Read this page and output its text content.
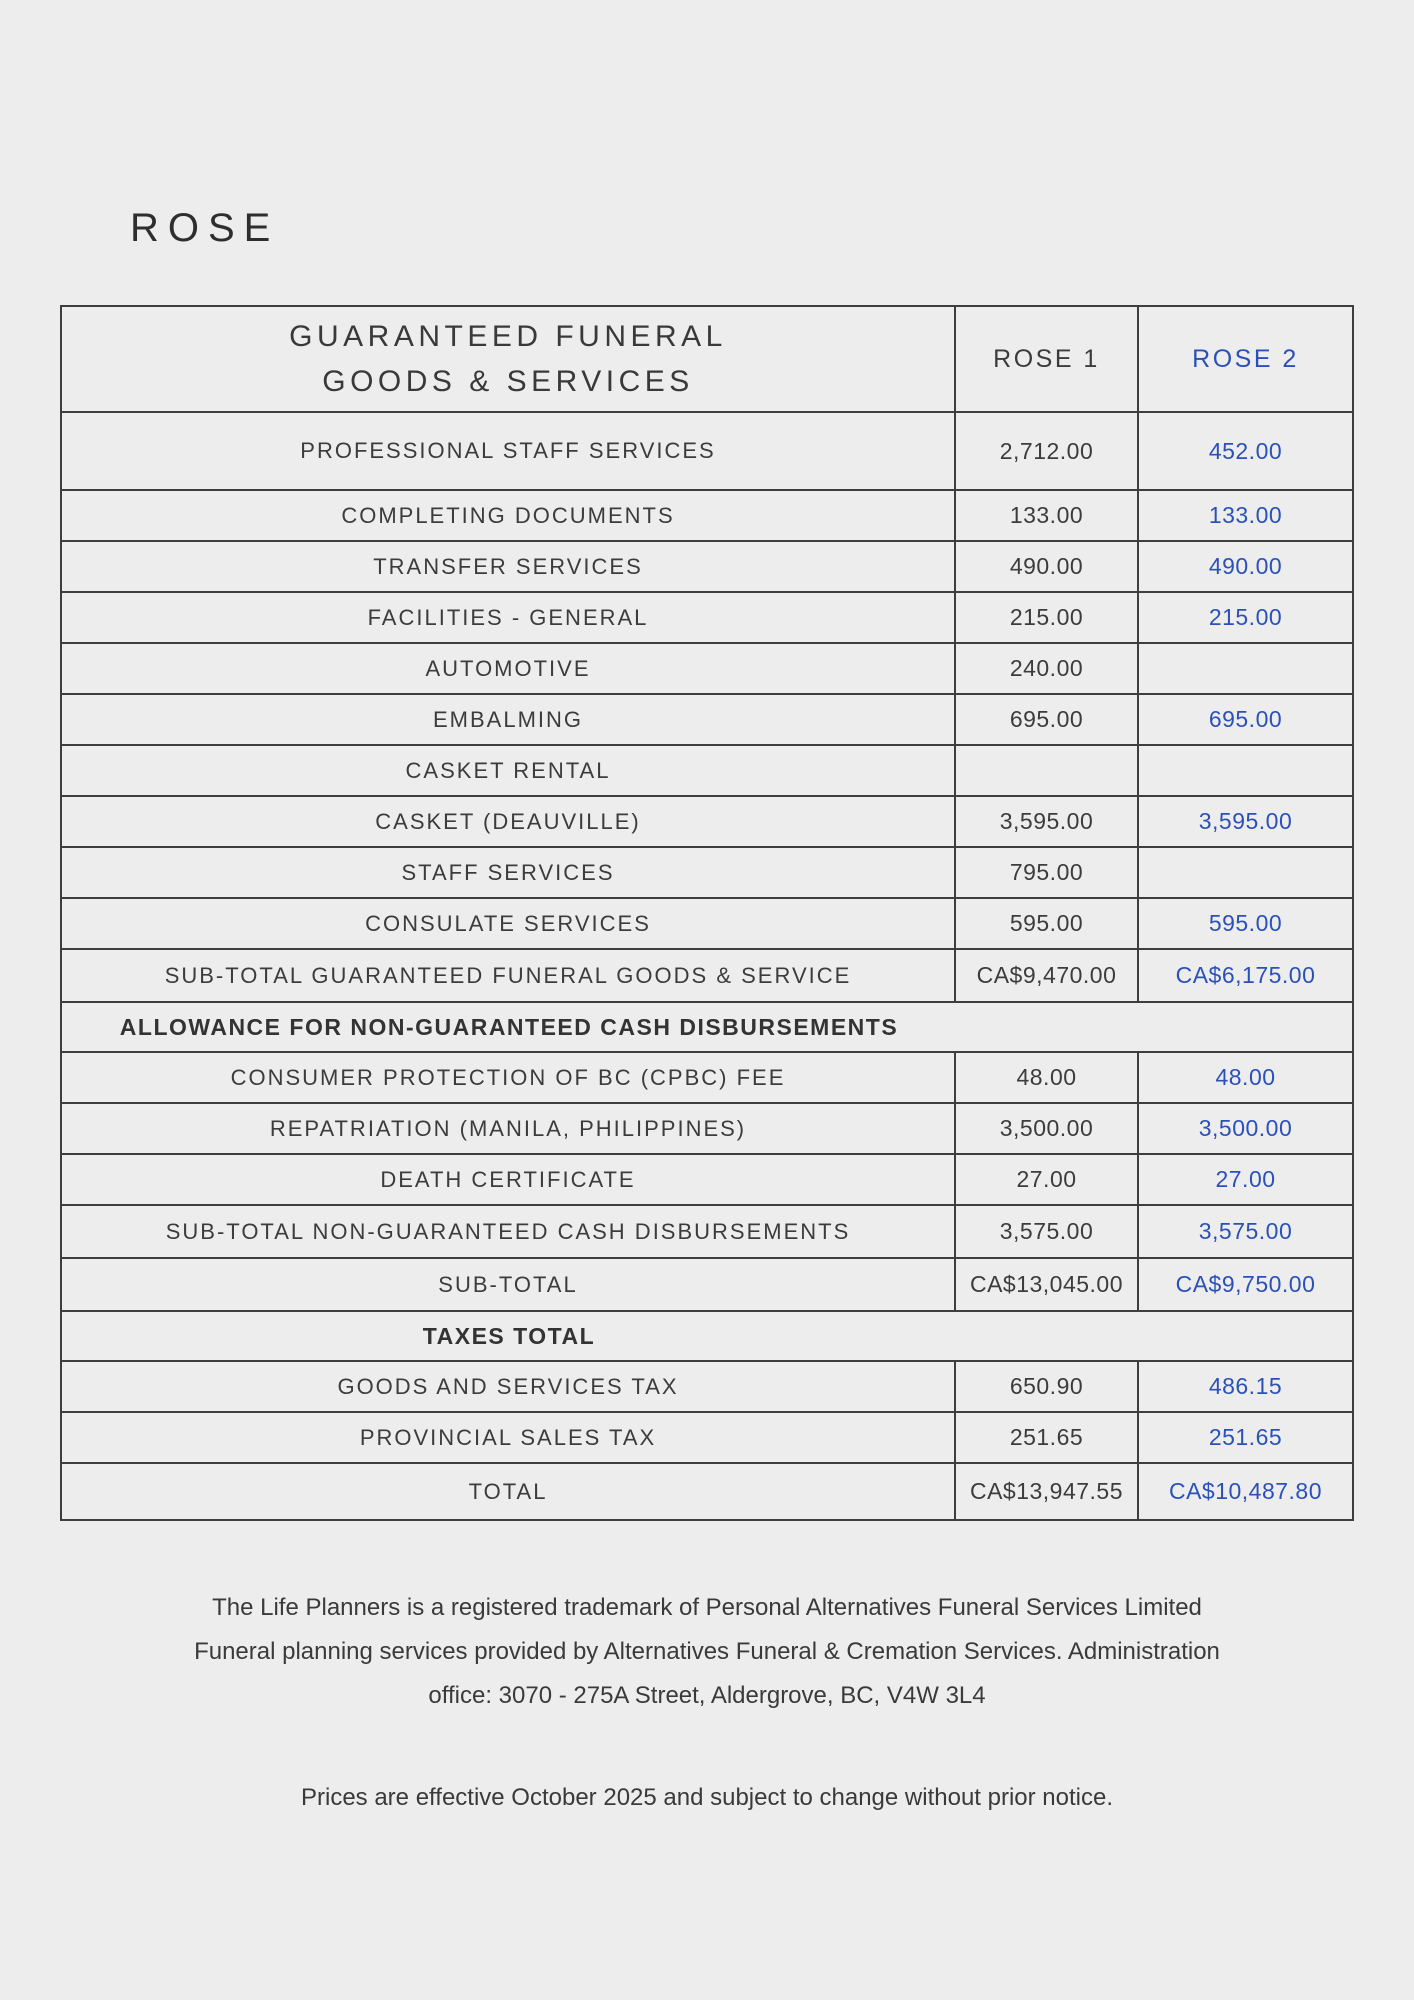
ROSE
GUARANTEED FUNERAL
GOODS & SERVICES	ROSE 1	ROSE 2
PROFESSIONAL STAFF SERVICES	2,712.00	452.00
COMPLETING DOCUMENTS	133.00	133.00
TRANSFER SERVICES	490.00	490.00
FACILITIES - GENERAL	215.00	215.00
AUTOMOTIVE	240.00	
EMBALMING	695.00	695.00
CASKET RENTAL		
CASKET (DEAUVILLE)	3,595.00	3,595.00
STAFF SERVICES	795.00	
CONSULATE SERVICES	595.00	595.00
SUB-TOTAL GUARANTEED FUNERAL GOODS & SERVICE	CA$9,470.00	CA$6,175.00

ALLOWANCE FOR NON-GUARANTEED CASH DISBURSEMENTS		

CONSUMER PROTECTION OF BC (CPBC) FEE	48.00	48.00
REPATRIATION (MANILA, PHILIPPINES)	3,500.00	3,500.00
DEATH CERTIFICATE	27.00	27.00
SUB-TOTAL NON-GUARANTEED CASH DISBURSEMENTS	3,575.00	3,575.00
SUB-TOTAL	CA$13,045.00	CA$9,750.00

TAXES TOTAL		

GOODS AND SERVICES TAX	650.90	486.15
PROVINCIAL SALES TAX	251.65	251.65
TOTAL	CA$13,947.55	CA$10,487.80
The Life Planners is a registered trademark of Personal Alternatives Funeral Services Limited
Funeral planning services provided by Alternatives Funeral & Cremation Services. Administration
office: 3070 - 275A Street, Aldergrove, BC, V4W 3L4

Prices are effective October 2025 and subject to change without prior notice.
